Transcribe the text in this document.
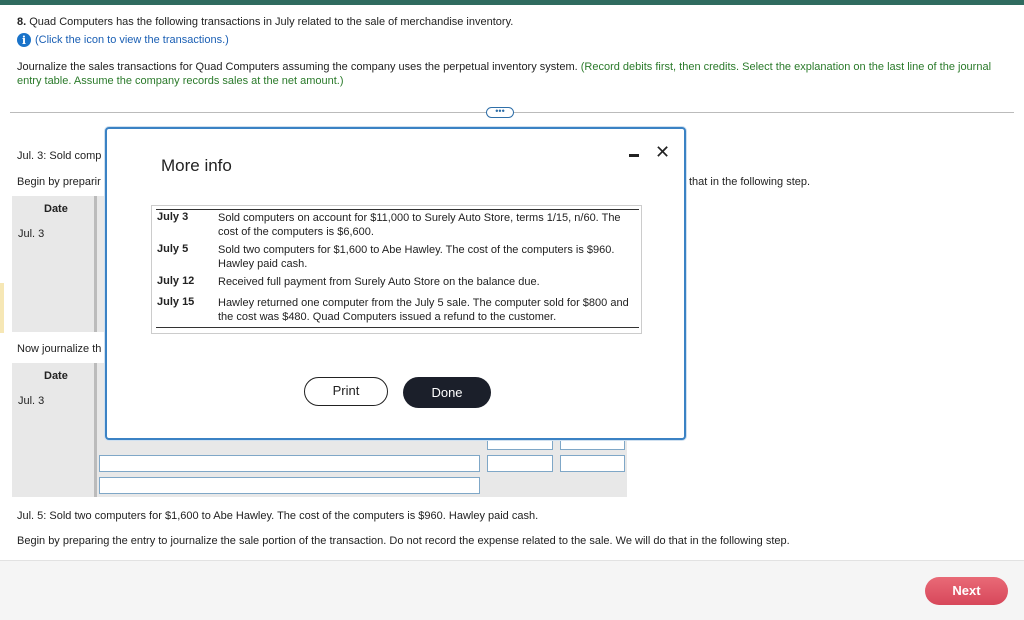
8. Quad Computers has the following transactions in July related to the sale of merchandise inventory.
i (Click the icon to view the transactions.)
Journalize the sales transactions for Quad Computers assuming the company uses the perpetual inventory system. (Record debits first, then credits. Select the explanation on the last line of the journal entry table. Assume the company records sales at the net amount.)
•••
Jul. 3: Sold comp
Begin by preparir	that in the following step.
Date
Jul. 3
Now journalize th
Date
Jul. 3
Jul. 5: Sold two computers for $1,600 to Abe Hawley. The cost of the computers is $960. Hawley paid cash.
Begin by preparing the entry to journalize the sale portion of the transaction. Do not record the expense related to the sale. We will do that in the following step.
Next
More info
▬ ✕
July 3	Sold computers on account for $11,000 to Surely Auto Store, terms 1/15, n/60. The cost of the computers is $6,600.
July 5	Sold two computers for $1,600 to Abe Hawley. The cost of the computers is $960. Hawley paid cash.
July 12	Received full payment from Surely Auto Store on the balance due.
July 15	Hawley returned one computer from the July 5 sale. The computer sold for $800 and the cost was $480. Quad Computers issued a refund to the customer.
Print	Done
